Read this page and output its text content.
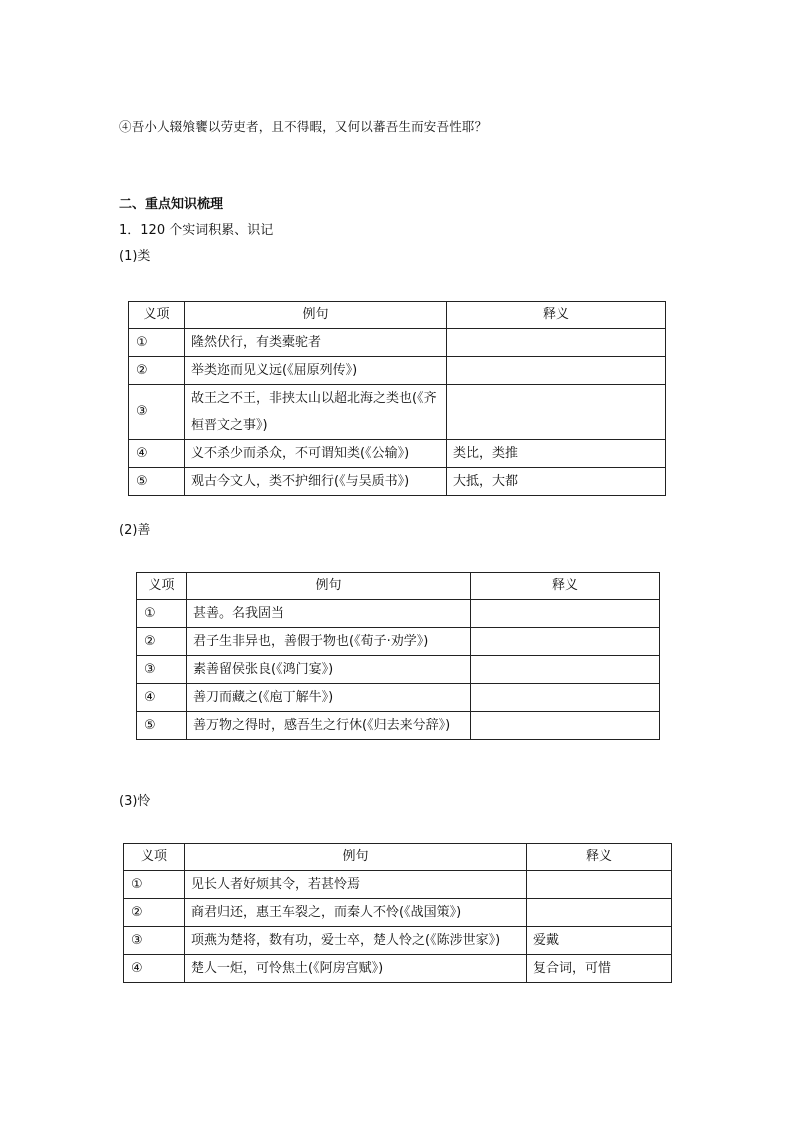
④吾小人辍飧饔以劳吏者，且不得暇，又何以蕃吾生而安吾性耶？
二、重点知识梳理
1．120 个实词积累、识记
(1)类
义项	例句	释义
①	隆然伏行，有类橐驼者	
②	举类迩而见义远(《屈原列传》)	
③	故王之不王，非挟太山以超北海之类也(《齐桓晋文之事》)	
④	义不杀少而杀众，不可谓知类(《公输》)	类比，类推
⑤	观古今文人，类不护细行(《与吴质书》)	大抵，大都
(2)善
义项	例句	释义
①	甚善。名我固当	
②	君子生非异也，善假于物也(《荀子·劝学》)	
③	素善留侯张良(《鸿门宴》)	
④	善刀而藏之(《庖丁解牛》)	
⑤	善万物之得时，感吾生之行休(《归去来兮辞》)	
(3)怜
义项	例句	释义
①	见长人者好烦其令，若甚怜焉	
②	商君归还，惠王车裂之，而秦人不怜(《战国策》)	
③	项燕为楚将，数有功，爱士卒，楚人怜之(《陈涉世家》)	爱戴
④	楚人一炬，可怜焦土(《阿房宫赋》)	复合词，可惜
